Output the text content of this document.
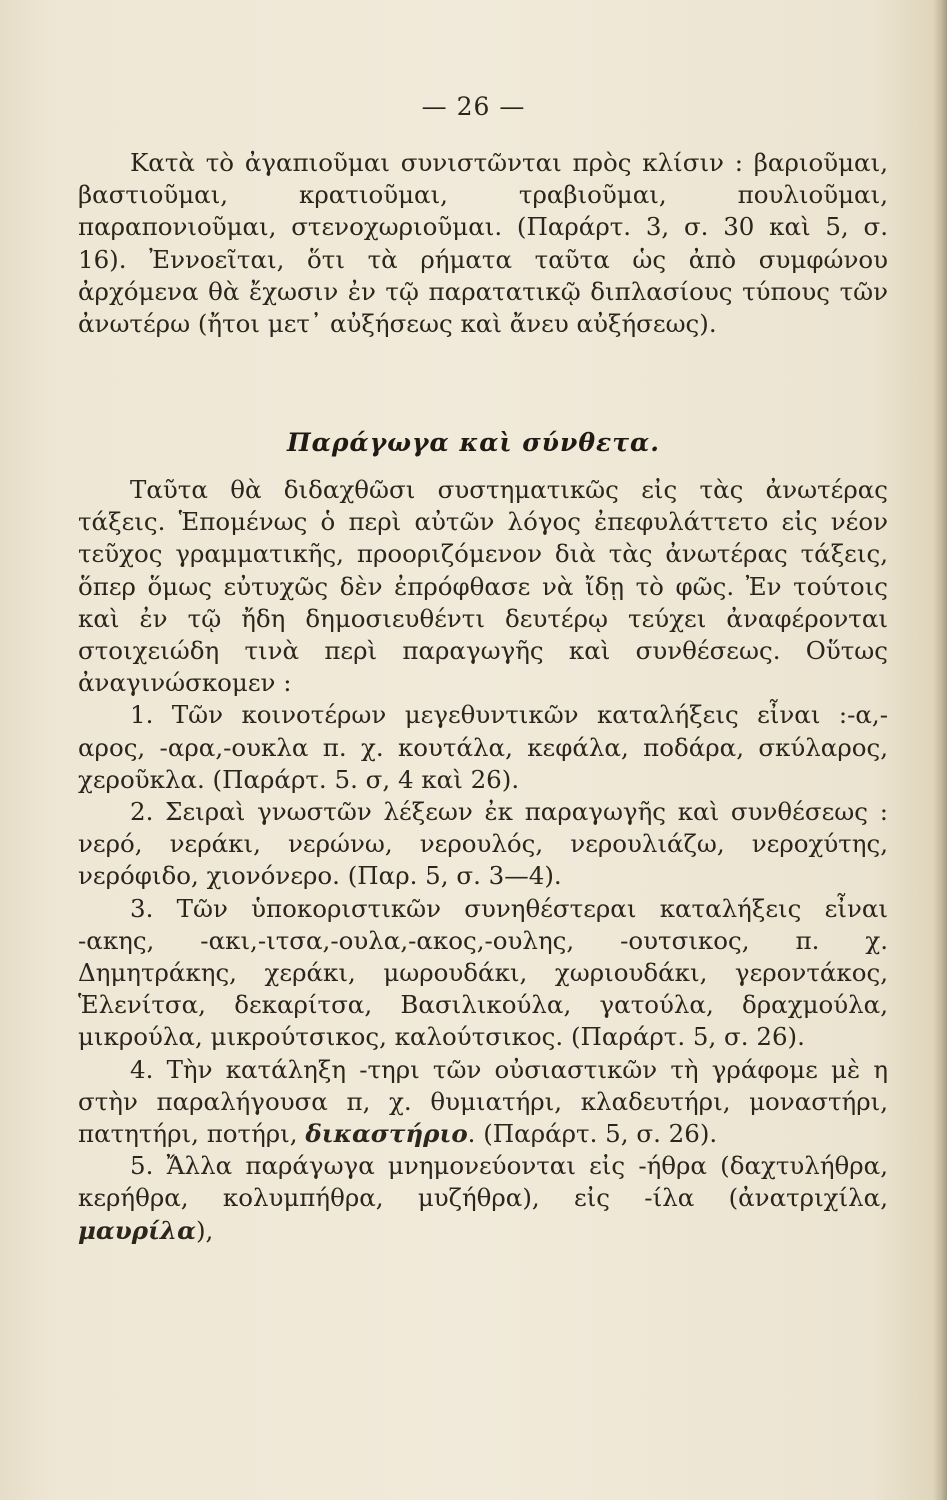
— 26 —

Κατὰ τὸ ἀγαπιοῦμαι συνιστῶνται πρὸς κλίσιν : βαριοῦμαι, βαστιοῦμαι, κρατιοῦμαι, τραβιοῦμαι, πουλιοῦμαι, παραπονιοῦμαι, στενοχωριοῦμαι. (Παράρτ. 3, σ. 30 καὶ 5, σ. 16). Ἐννοεῖται, ὅτι τὰ ρήματα ταῦτα ὡς ἀπὸ συμφώνου ἀρχόμενα θὰ ἔχωσιν ἐν τῷ παρατατικῷ διπλασίους τύπους τῶν ἀνωτέρω (ἤτοι μετ᾽ αὐξήσεως καὶ ἄνευ αὐξήσεως).

Παράγωγα καὶ σύνθετα.

Ταῦτα θὰ διδαχθῶσι συστηματικῶς εἰς τὰς ἀνωτέρας τάξεις. Ἑπομένως ὁ περὶ αὐτῶν λόγος ἐπεφυλάττετο εἰς νέον τεῦχος γραμματικῆς, προοριζόμενον διὰ τὰς ἀνωτέρας τάξεις, ὅπερ ὅμως εὐτυχῶς δὲν ἐπρόφθασε νὰ ἴδῃ τὸ φῶς. Ἐν τούτοις καὶ ἐν τῷ ἤδη δημοσιευθέντι δευτέρῳ τεύχει ἀναφέρονται στοιχειώδη τινὰ περὶ παραγωγῆς καὶ συνθέσεως. Οὕτως ἀναγινώσκομεν :

1. Τῶν κοινοτέρων μεγεθυντικῶν καταλήξεις εἶναι :-α,-αρος, -αρα,-ουκλα π. χ. κουτάλα, κεφάλα, ποδάρα, σκύλαρος, χεροῦκλα. (Παράρτ. 5. σ, 4 καὶ 26).

2. Σειραὶ γνωστῶν λέξεων ἐκ παραγωγῆς καὶ συνθέσεως : νερό, νεράκι, νερώνω, νερουλός, νερουλιάζω, νεροχύτης, νερόφιδο, χιονόνερο. (Παρ. 5, σ. 3—4).

3. Τῶν ὑποκοριστικῶν συνηθέστεραι καταλήξεις εἶναι -ακης, -ακι,-ιτσα,-ουλα,-ακος,-ουλης, -ουτσικος, π. χ. Δημητράκης, χεράκι, μωρουδάκι, χωριουδάκι, γεροντάκος, Ἑλενίτσα, δεκαρίτσα, Βασιλικούλα, γατούλα, δραχμούλα, μικρούλα, μικρούτσικος, καλούτσικος. (Παράρτ. 5, σ. 26).

4. Τὴν κατάληξη -τηρι τῶν οὐσιαστικῶν τὴ γράφομε μὲ η στὴν παραλήγουσα π, χ. θυμιατήρι, κλαδευτήρι, μοναστήρι, πατητήρι, ποτήρι, δικαστήριο. (Παράρτ. 5, σ. 26).

5. Ἄλλα παράγωγα μνημονεύονται εἰς -ήθρα (δαχτυλήθρα, κερήθρα, κολυμπήθρα, μυζήθρα), εἰς -ίλα (ἀνατριχίλα, μαυρίλα),
